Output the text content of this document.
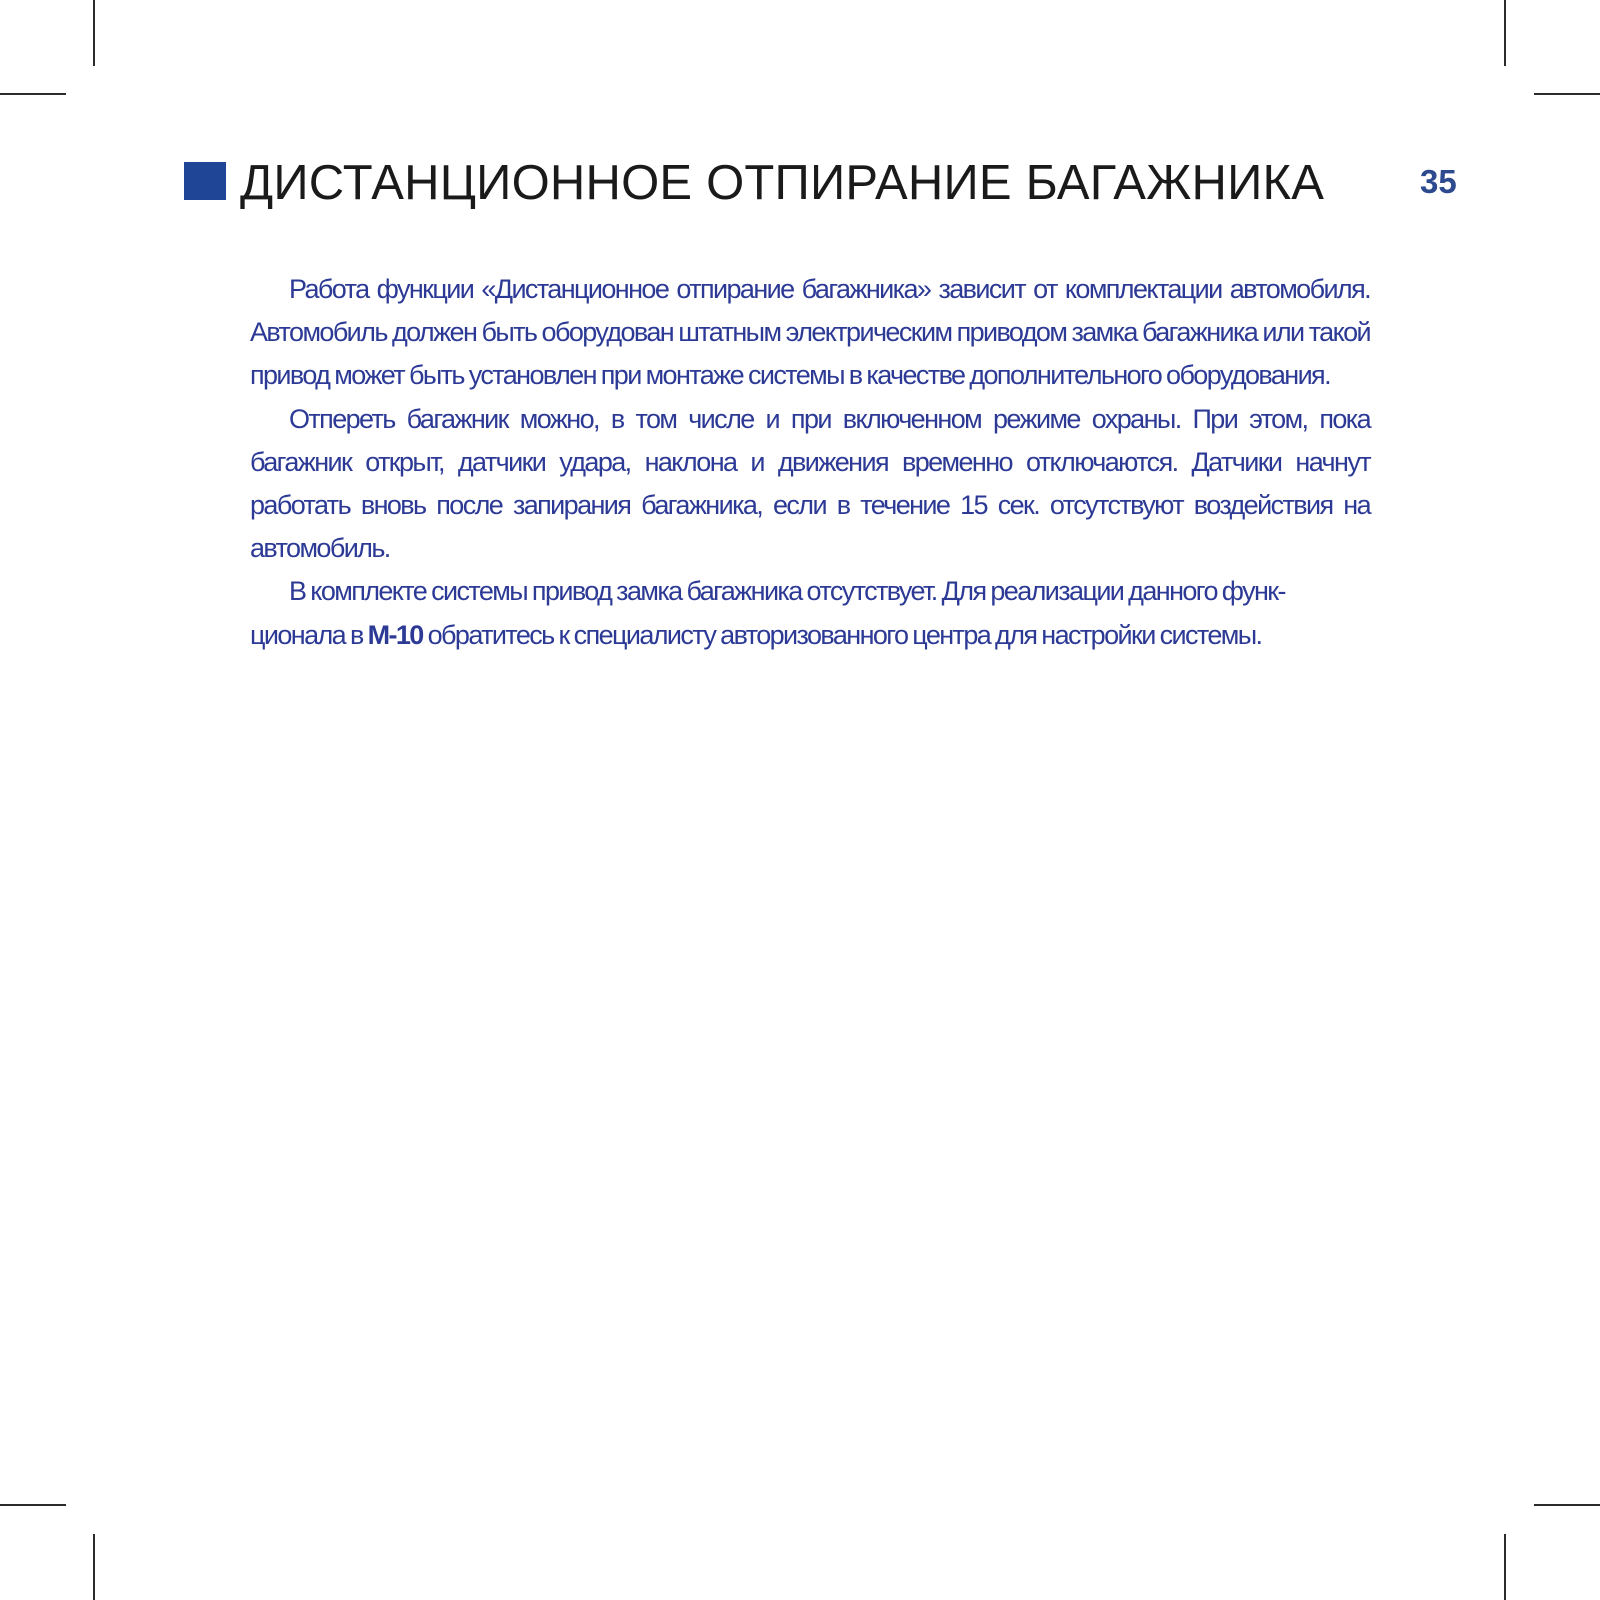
ДИСТАНЦИОННОЕ ОТПИРАНИЕ БАГАЖНИКА	35

Работа функции «Дистанционное отпирание багажника» зависит от комплектации автомобиля. Автомобиль должен быть оборудован штатным электрическим приводом замка багажника или такой привод может быть установлен при монтаже системы в качестве дополнительного оборудования.

Отпереть багажник можно, в том числе и при включенном режиме охраны. При этом, пока багажник открыт, датчики удара, наклона и движения временно отключаются. Датчики начнут работать вновь после запирания багажника, если в течение 15 сек. отсутствуют воздействия на автомобиль.

В комплекте системы привод замка багажника отсутствует. Для реализации данного функционала в M-10 обратитесь к специалисту авторизованного центра для настройки системы.
